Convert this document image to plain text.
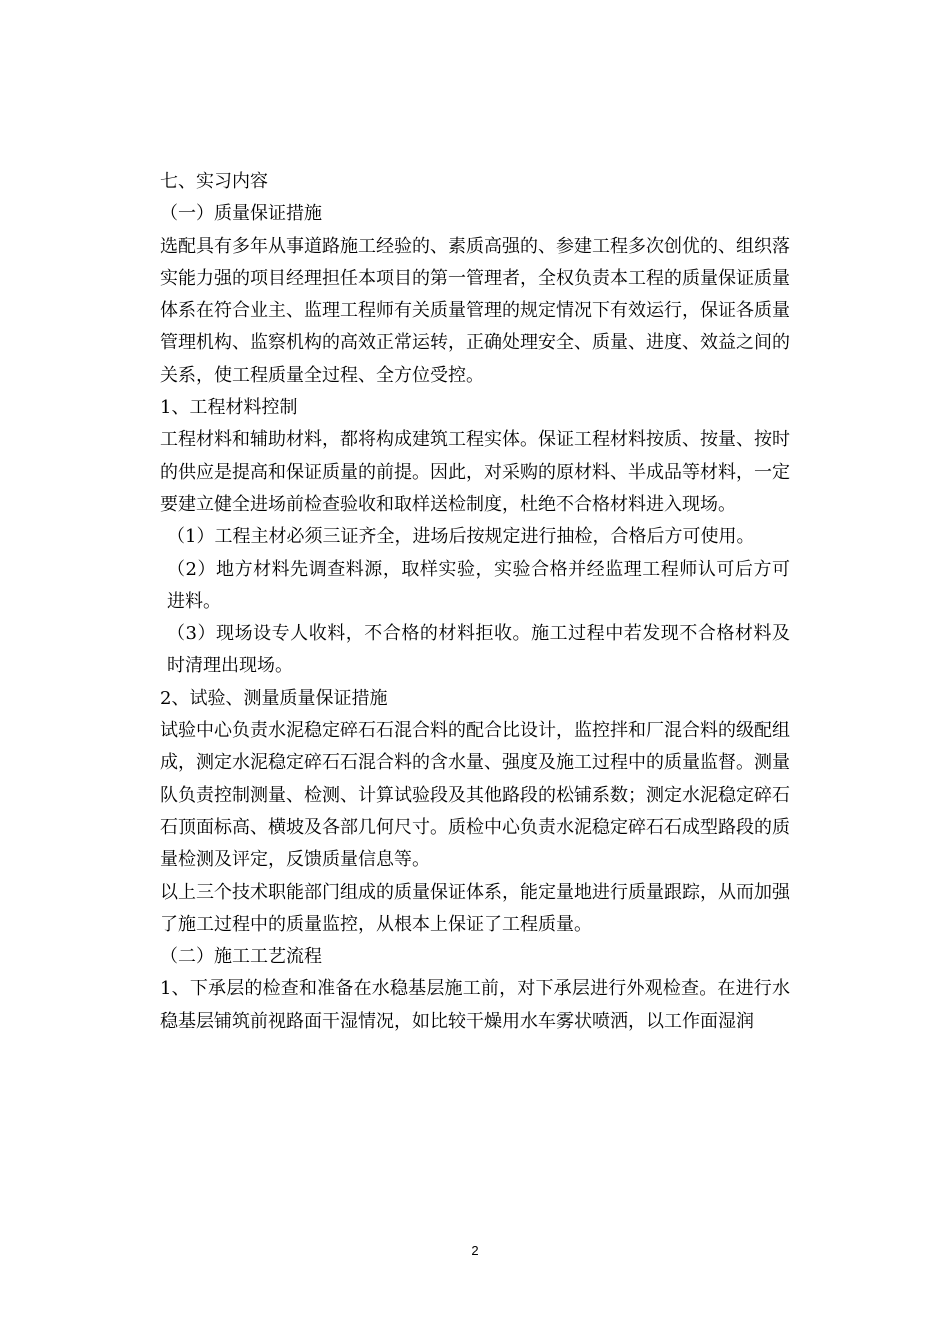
七、实习内容

（一）质量保证措施

选配具有多年从事道路施工经验的、素质高强的、参建工程多次创优的、组织落实能力强的项目经理担任本项目的第一管理者，全权负责本工程的质量保证质量体系在符合业主、监理工程师有关质量管理的规定情况下有效运行，保证各质量管理机构、监察机构的高效正常运转，正确处理安全、质量、进度、效益之间的关系，使工程质量全过程、全方位受控。

1、工程材料控制

工程材料和辅助材料，都将构成建筑工程实体。保证工程材料按质、按量、按时的供应是提高和保证质量的前提。因此，对采购的原材料、半成品等材料，一定要建立健全进场前检查验收和取样送检制度，杜绝不合格材料进入现场。

（1）工程主材必须三证齐全，进场后按规定进行抽检，合格后方可使用。

（2）地方材料先调查料源，取样实验，实验合格并经监理工程师认可后方可进料。

（3）现场设专人收料，不合格的材料拒收。施工过程中若发现不合格材料及时清理出现场。

2、试验、测量质量保证措施

试验中心负责水泥稳定碎石石混合料的配合比设计，监控拌和厂混合料的级配组成，测定水泥稳定碎石石混合料的含水量、强度及施工过程中的质量监督。测量队负责控制测量、检测、计算试验段及其他路段的松铺系数；测定水泥稳定碎石石顶面标高、横坡及各部几何尺寸。质检中心负责水泥稳定碎石石成型路段的质量检测及评定，反馈质量信息等。

以上三个技术职能部门组成的质量保证体系，能定量地进行质量跟踪，从而加强了施工过程中的质量监控，从根本上保证了工程质量。

（二）施工工艺流程

1、下承层的检查和准备在水稳基层施工前，对下承层进行外观检查。在进行水稳基层铺筑前视路面干湿情况，如比较干燥用水车雾状喷洒，以工作面湿润

2
